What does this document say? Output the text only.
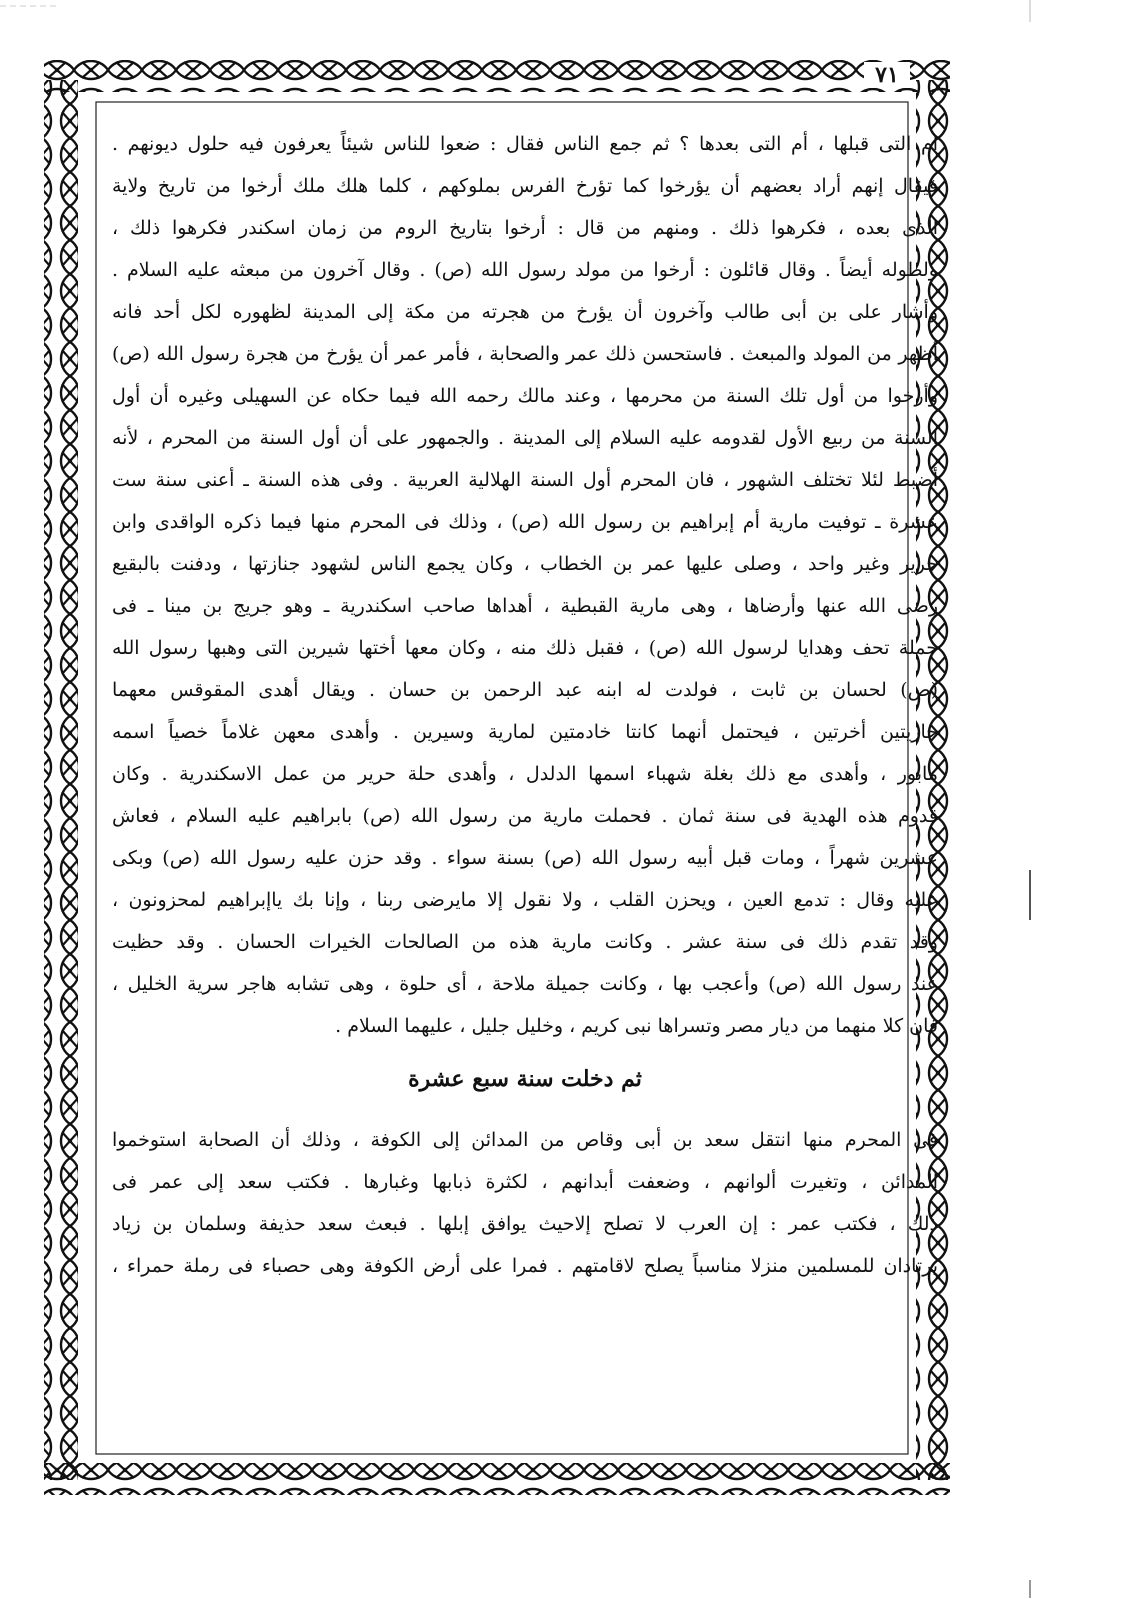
٧١
ام التى قبلها ، أم التى بعدها ؟ ثم جمع الناس فقال : ضعوا للناس شيئاً يعرفون فيه حلول ديونهم .
فيقال إنهم أراد بعضهم أن يؤرخوا كما تؤرخ الفرس بملوكهم ، كلما هلك ملك أرخوا من تاريخ ولاية
الذى بعده ، فكرهوا ذلك . ومنهم من قال : أرخوا بتاريخ الروم من زمان اسكندر فكرهوا ذلك ،
ولطوله أيضاً . وقال قائلون : أرخوا من مولد رسول الله (ص) . وقال آخرون من مبعثه عليه السلام .
وأشار على بن أبى طالب وآخرون أن يؤرخ من هجرته من مكة إلى المدينة لظهوره لكل أحد فانه
أظهر من المولد والمبعث . فاستحسن ذلك عمر والصحابة ، فأمر عمر أن يؤرخ من هجرة رسول الله (ص)
وأرخوا من أول تلك السنة من محرمها ، وعند مالك رحمه الله فيما حكاه عن السهيلى وغيره أن أول
السنة من ربيع الأول لقدومه عليه السلام إلى المدينة . والجمهور على أن أول السنة من المحرم ، لأنه
أضبط لئلا تختلف الشهور ، فان المحرم أول السنة الهلالية العربية . وفى هذه السنة ـ أعنى سنة ست
عشرة ـ توفيت مارية أم إبراهيم بن رسول الله (ص) ، وذلك فى المحرم منها فيما ذكره الواقدى وابن
جرير وغير واحد ، وصلى عليها عمر بن الخطاب ، وكان يجمع الناس لشهود جنازتها ، ودفنت بالبقيع
رضى الله عنها وأرضاها ، وهى مارية القبطية ، أهداها صاحب اسكندرية ـ وهو جريج بن مينا ـ فى
جملة تحف وهدايا لرسول الله (ص) ، فقبل ذلك منه ، وكان معها أختها شيرين التى وهبها رسول الله
(ص) لحسان بن ثابت ، فولدت له ابنه عبد الرحمن بن حسان . ويقال أهدى المقوقس معهما
جاريتين أخرتين ، فيحتمل أنهما كانتا خادمتين لمارية وسيرين . وأهدى معهن غلاماً خصياً اسمه
مابور ، وأهدى مع ذلك بغلة شهباء اسمها الدلدل ، وأهدى حلة حرير من عمل الاسكندرية . وكان
قدوم هذه الهدية فى سنة ثمان . فحملت مارية من رسول الله (ص) بابراهيم عليه السلام ، فعاش
عشرين شهراً ، ومات قبل أبيه رسول الله (ص) بسنة سواء . وقد حزن عليه رسول الله (ص) وبكى
عليه وقال : تدمع العين ، ويحزن القلب ، ولا نقول إلا مايرضى ربنا ، وإنا بك ياإبراهيم لمحزونون ،
وقد تقدم ذلك فى سنة عشر . وكانت مارية هذه من الصالحات الخيرات الحسان . وقد حظيت
عند رسول الله (ص) وأعجب بها ، وكانت جميلة ملاحة ، أى حلوة ، وهى تشابه هاجر سرية الخليل ،
فان كلا منهما من ديار مصر وتسراها نبى كريم ، وخليل جليل ، عليهما السلام .
ثم دخلت سنة سبع عشرة
فى المحرم منها انتقل سعد بن أبى وقاص من المدائن إلى الكوفة ، وذلك أن الصحابة استوخموا
المدائن ، وتغيرت ألوانهم ، وضعفت أبدانهم ، لكثرة ذبابها وغبارها . فكتب سعد إلى عمر فى
ذلك ، فكتب عمر : إن العرب لا تصلح إلاحيث يوافق إبلها . فبعث سعد حذيفة وسلمان بن زياد
يرتادان للمسلمين منزلا مناسباً يصلح لاقامتهم . فمرا على أرض الكوفة وهى حصباء فى رملة حمراء ،
